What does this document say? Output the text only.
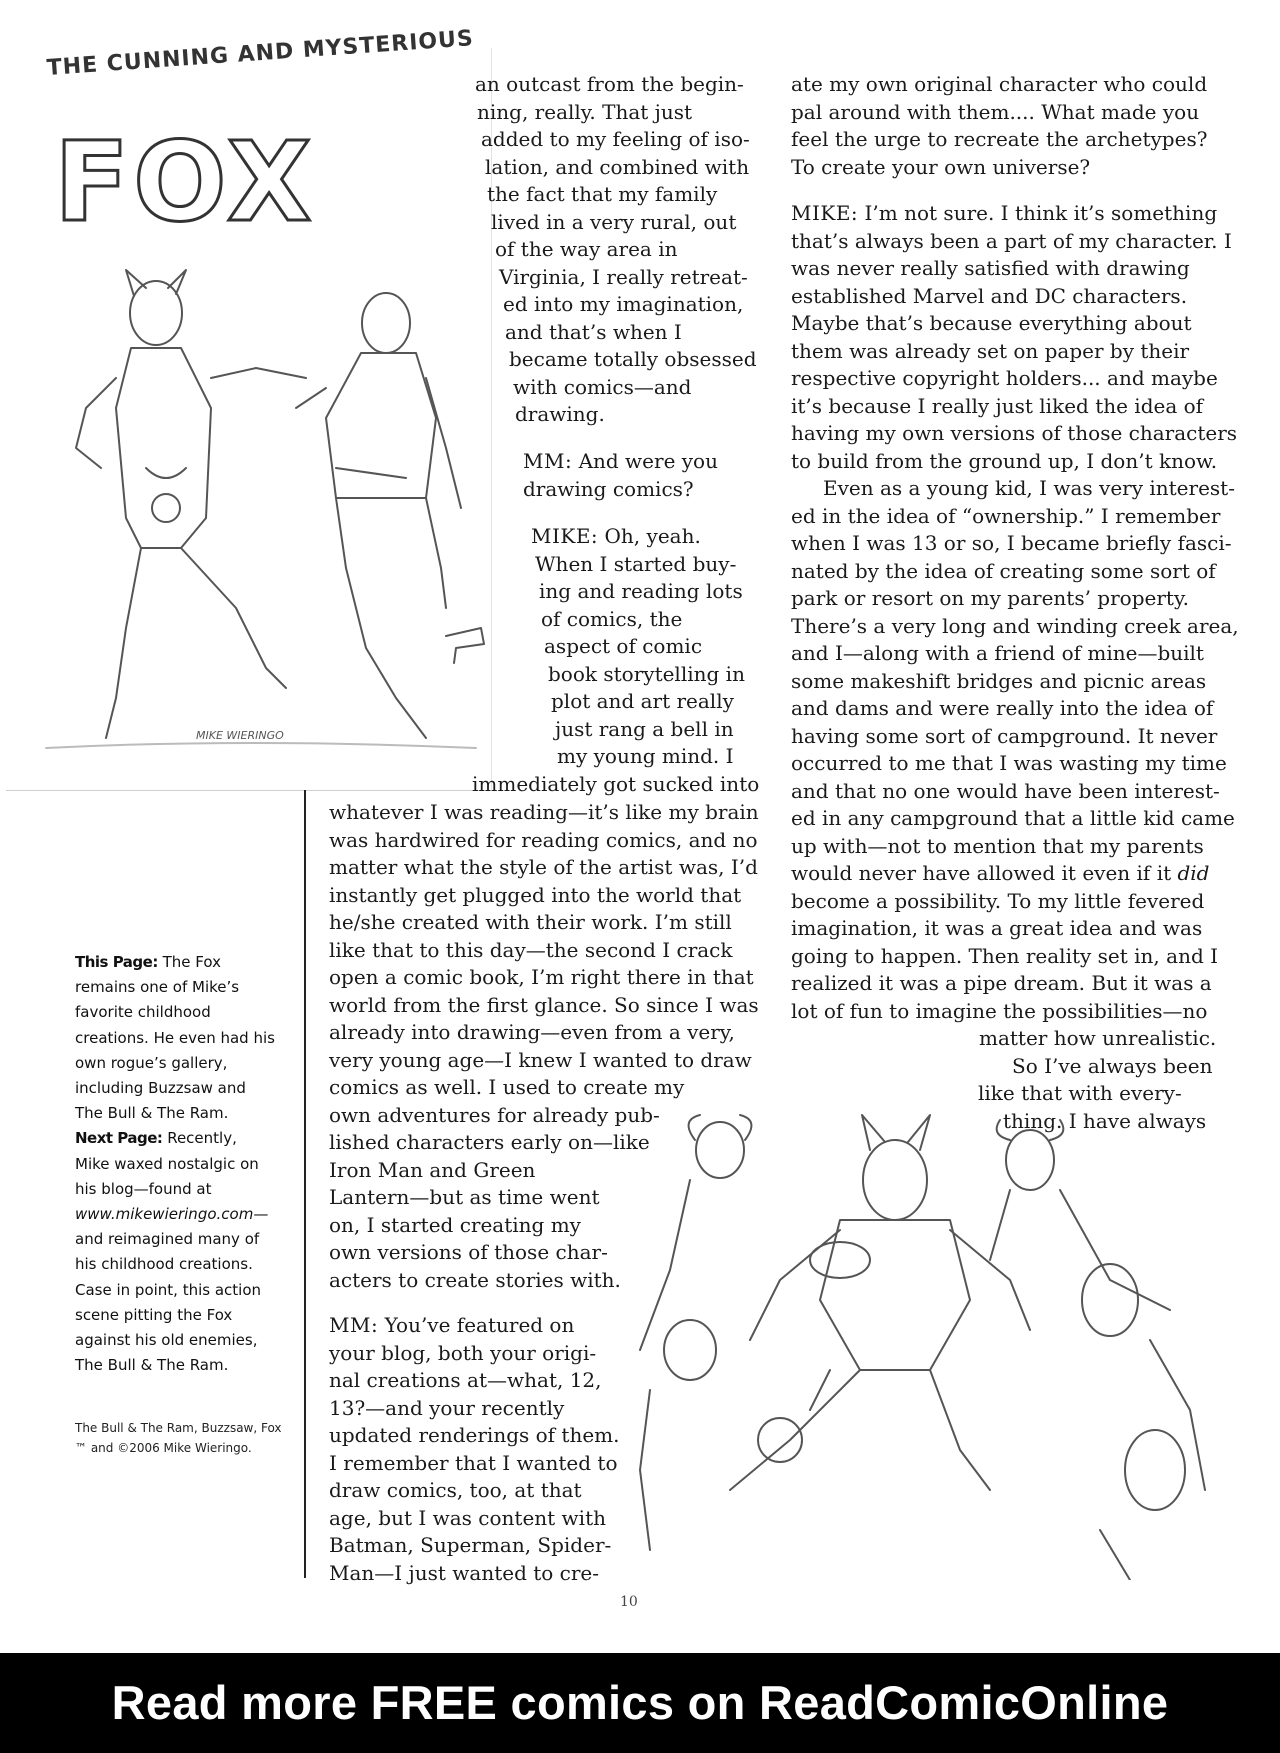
THE CUNNING AND MYSTERIOUS
FOX
MIKE WIERINGO
an outcast from the begin-
ning, really. That just
added to my feeling of iso-
lation, and combined with
the fact that my family
lived in a very rural, out
of the way area in
Virginia, I really retreat-
ed into my imagination,
and that’s when I
became totally obsessed
with comics—and
drawing.
MM: And were you
drawing comics?
MIKE: Oh, yeah.
When I started buy-
ing and reading lots
of comics, the
aspect of comic
book storytelling in
plot and art really
just rang a bell in
my young mind. I
immediately got sucked into
whatever I was reading—it’s like my brain
was hardwired for reading comics, and no
matter what the style of the artist was, I’d
instantly get plugged into the world that
he/she created with their work. I’m still
like that to this day—the second I crack
open a comic book, I’m right there in that
world from the first glance. So since I was
already into drawing—even from a very,
very young age—I knew I wanted to draw
comics as well. I used to create my
own adventures for already pub-
lished characters early on—like
Iron Man and Green
Lantern—but as time went
on, I started creating my
own versions of those char-
acters to create stories with.
MM: You’ve featured on
your blog, both your origi-
nal creations at—what, 12,
13?—and your recently
updated renderings of them.
I remember that I wanted to
draw comics, too, at that
age, but I was content with
Batman, Superman, Spider-
Man—I just wanted to cre-
ate my own original character who could
pal around with them.... What made you
feel the urge to recreate the archetypes?
To create your own universe?
MIKE: I’m not sure. I think it’s something
that’s always been a part of my character. I
was never really satisfied with drawing
established Marvel and DC characters.
Maybe that’s because everything about
them was already set on paper by their
respective copyright holders... and maybe
it’s because I really just liked the idea of
having my own versions of those characters
to build from the ground up, I don’t know.
Even as a young kid, I was very interest-
ed in the idea of “ownership.” I remember
when I was 13 or so, I became briefly fasci-
nated by the idea of creating some sort of
park or resort on my parents’ property.
There’s a very long and winding creek area,
and I—along with a friend of mine—built
some makeshift bridges and picnic areas
and dams and were really into the idea of
having some sort of campground. It never
occurred to me that I was wasting my time
and that no one would have been interest-
ed in any campground that a little kid came
up with—not to mention that my parents
would never have allowed it even if it did
become a possibility. To my little fevered
imagination, it was a great idea and was
going to happen. Then reality set in, and I
realized it was a pipe dream. But it was a
lot of fun to imagine the possibilities—no
matter how unrealistic.
So I’ve always been
like that with every-
thing. I have always
This Page: The Fox remains one of Mike’s favorite childhood creations. He even had his own rogue’s gallery, including Buzzsaw and The Bull & The Ram.
Next Page: Recently, Mike waxed nostalgic on his blog—found at www.mikewieringo.com—and reimagined many of his childhood creations. Case in point, this action scene pitting the Fox against his old enemies, The Bull & The Ram.
The Bull & The Ram, Buzzsaw, Fox ™ and ©2006 Mike Wieringo.
10
Read more FREE comics on ReadComicOnline
